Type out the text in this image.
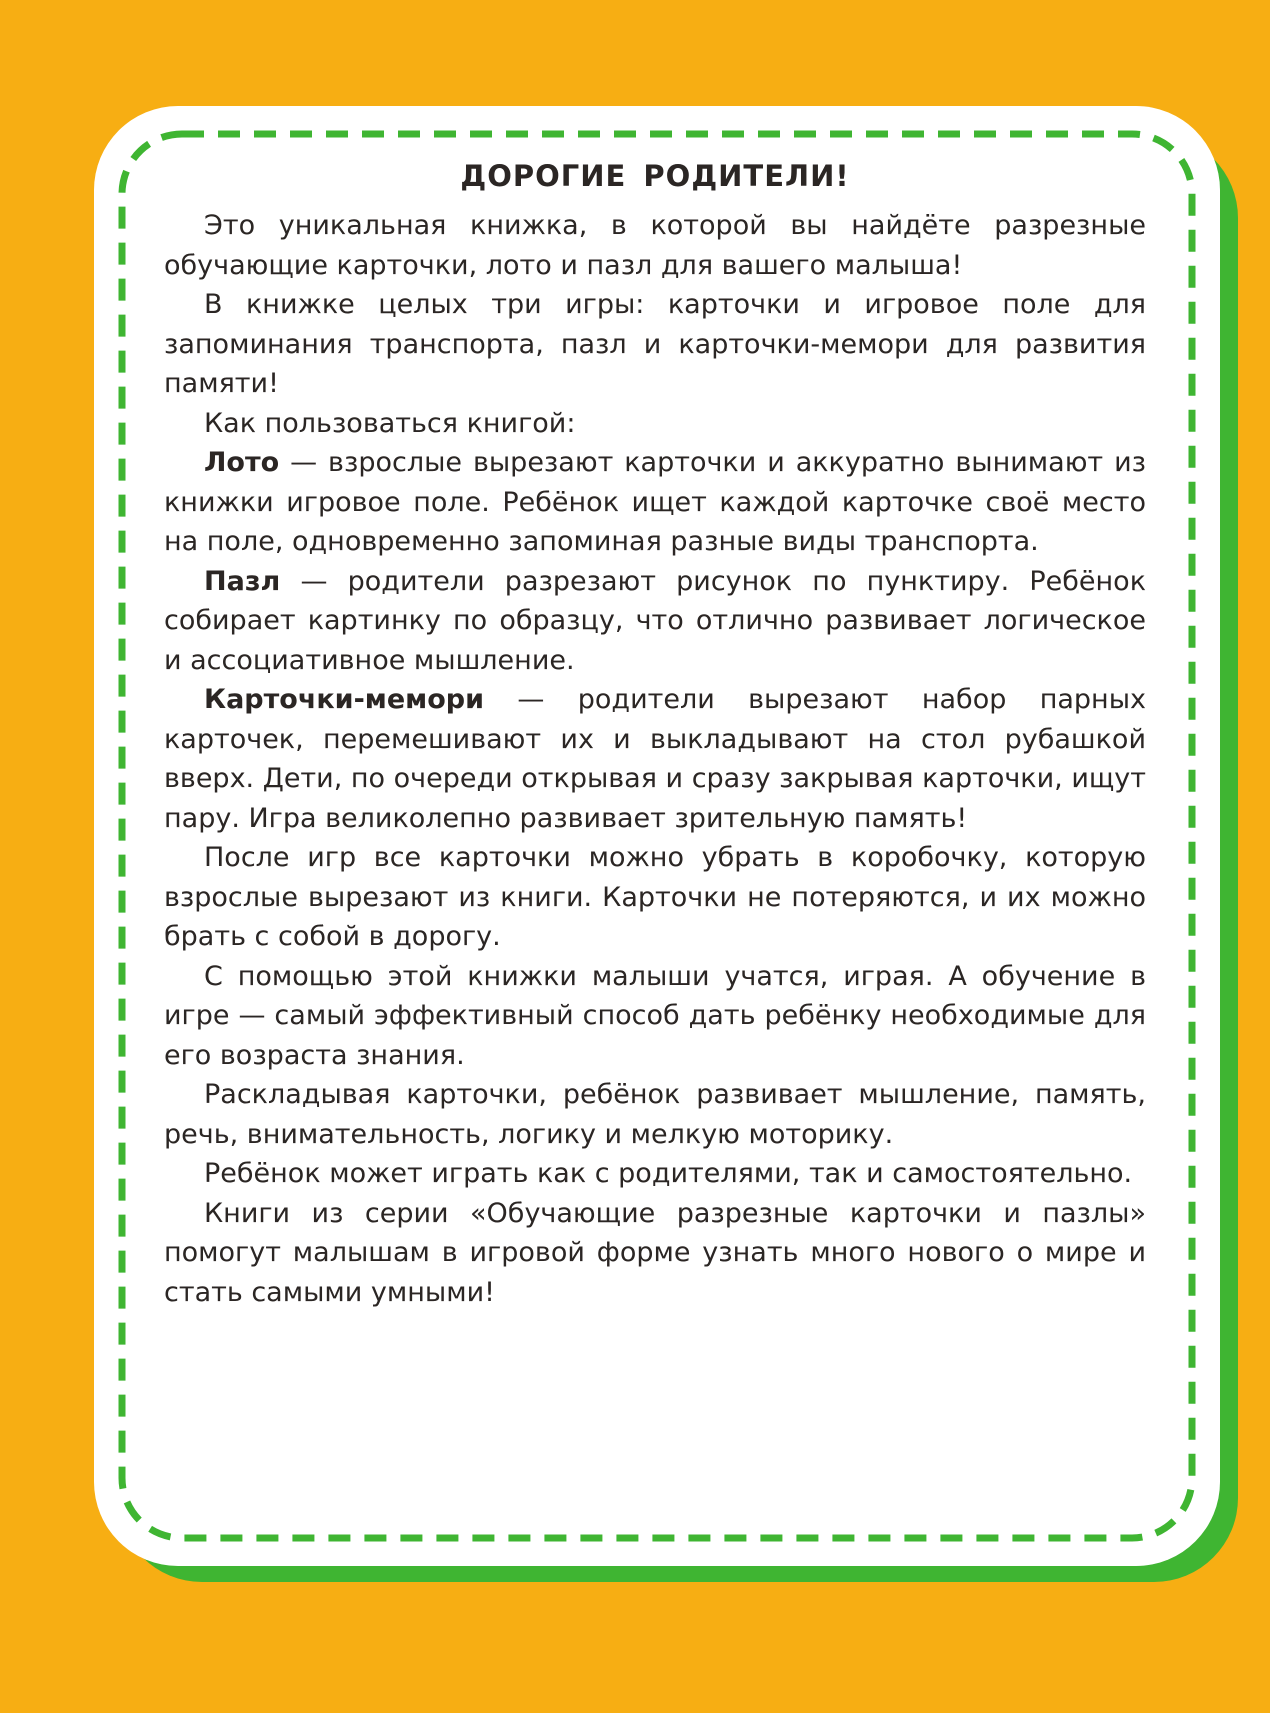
ДОРОГИЕ РОДИТЕЛИ!

Это уникальная книжка, в которой вы найдёте разрезные обучающие карточки, лото и пазл для вашего малыша!

В книжке целых три игры: карточки и игровое поле для запоминания транспорта, пазл и карточки-мемори для развития памяти!

Как пользоваться книгой:

Лото — взрослые вырезают карточки и аккуратно вынимают из книжки игровое поле. Ребёнок ищет каждой карточке своё место на поле, одновременно запоминая разные виды транспорта.

Пазл — родители разрезают рисунок по пунктиру. Ребёнок собирает картинку по образцу, что отлично развивает логическое и ассоциативное мышление.

Карточки-мемори — родители вырезают набор парных карточек, перемешивают их и выкладывают на стол рубашкой вверх. Дети, по очереди открывая и сразу закрывая карточки, ищут пару. Игра великолепно развивает зрительную память!

После игр все карточки можно убрать в коробочку, которую взрослые вырезают из книги. Карточки не потеряются, и их можно брать с собой в дорогу.

С помощью этой книжки малыши учатся, играя. А обучение в игре — самый эффективный способ дать ребёнку необходимые для его возраста знания.

Раскладывая карточки, ребёнок развивает мышление, память, речь, внимательность, логику и мелкую моторику.

Ребёнок может играть как с родителями, так и самостоятельно.

Книги из серии «Обучающие разрезные карточки и пазлы» помогут малышам в игровой форме узнать много нового о мире и стать самыми умными!
